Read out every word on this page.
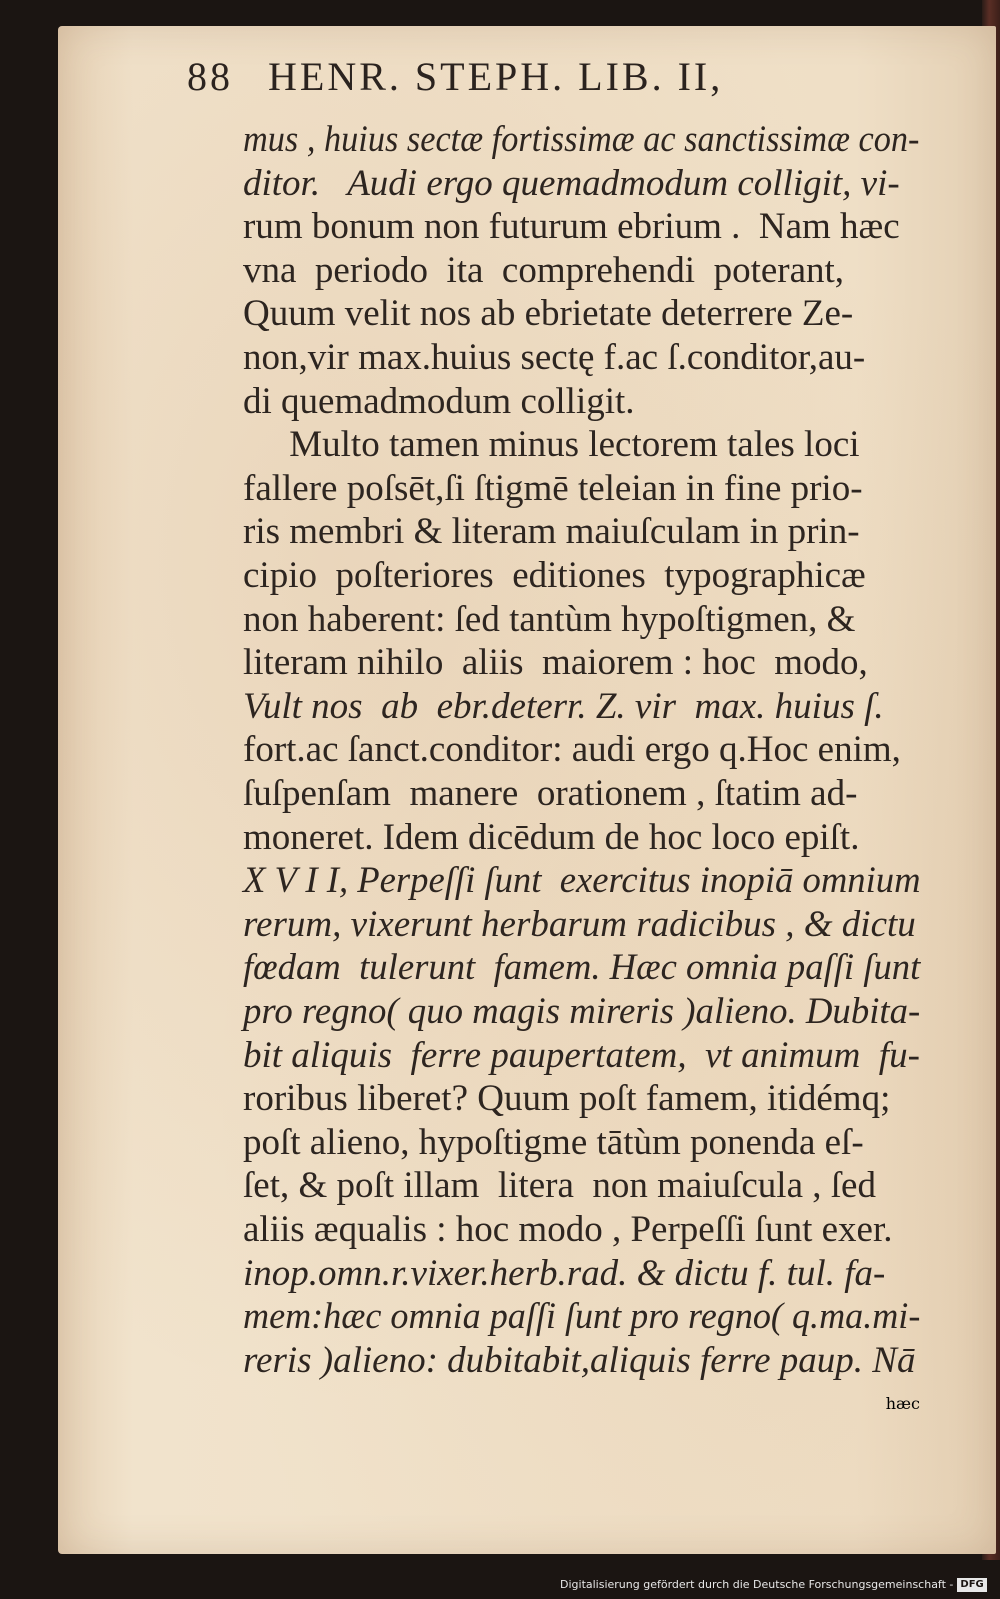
88 HENR. STEPH. LIB. II,
mus , huius sectæ fortissimæ ac sanctissimæ con-
ditor.   Audi ergo quemadmodum colligit, vi-
rum bonum non futurum ebrium .  Nam hæc
vna  periodo  ita  comprehendi  poterant,
Quum velit nos ab ebrietate deterrere Ze-
non,vir max.huius sectę f.ac ſ.conditor,au-
di quemadmodum colligit.
Multo tamen minus lectorem tales loci
fallere poſsēt,ſi ſtigmē teleian in fine prio-
ris membri & literam maiuſculam in prin-
cipio  poſteriores  editiones  typographicæ
non haberent: ſed tantùm hypoſtigmen, &
literam nihilo  aliis  maiorem : hoc  modo,
Vult nos  ab  ebr.deterr. Z. vir  max. huius ſ.
fort.ac ſanct.conditor: audi ergo q.Hoc enim,
ſuſpenſam  manere  orationem , ſtatim ad-
moneret. Idem dicēdum de hoc loco epiſt.
X V I I, Perpeſſi ſunt  exercitus inopiā omnium
rerum, vixerunt herbarum radicibus , & dictu
fœdam  tulerunt  famem. Hæc omnia paſſi ſunt
pro regno( quo magis mireris )alieno. Dubita-
bit aliquis  ferre paupertatem,  vt animum  fu-
roribus liberet? Quum poſt famem, itidémq;
poſt alieno, hypoſtigme tātùm ponenda eſ-
ſet, & poſt illam  litera  non maiuſcula , ſed
aliis æqualis : hoc modo , Perpeſſi ſunt exer.
inop.omn.r.vixer.herb.rad. & dictu f. tul. fa-
mem:hæc omnia paſſi ſunt pro regno( q.ma.mi-
reris )alieno: dubitabit,aliquis ferre paup. Nā
hæc
Digitalisierung gefördert durch die Deutsche Forschungsgemeinschaft - DFG
